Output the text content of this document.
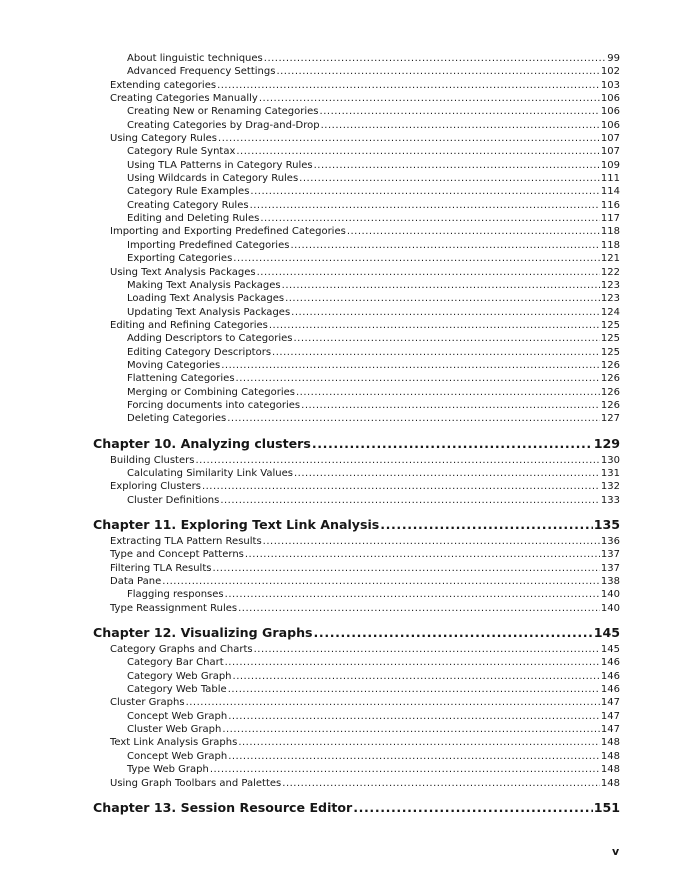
About linguistic techniques .....	99
Advanced Frequency Settings .....	102
Extending categories .....	103
Creating Categories Manually .....	106
Creating New or Renaming Categories .....	106
Creating Categories by Drag-and-Drop .....	106
Using Category Rules .....	107
Category Rule Syntax .....	107
Using TLA Patterns in Category Rules .....	109
Using Wildcards in Category Rules .....	111
Category Rule Examples .....	114
Creating Category Rules .....	116
Editing and Deleting Rules .....	117
Importing and Exporting Predefined Categories .....	118
Importing Predefined Categories .....	118
Exporting Categories .....	121
Using Text Analysis Packages .....	122
Making Text Analysis Packages .....	123
Loading Text Analysis Packages .....	123
Updating Text Analysis Packages .....	124
Editing and Refining Categories .....	125
Adding Descriptors to Categories .....	125
Editing Category Descriptors .....	125
Moving Categories .....	126
Flattening Categories .....	126
Merging or Combining Categories .....	126
Forcing documents into categories .....	126
Deleting Categories .....	127
Chapter 10. Analyzing clusters .....	129
Building Clusters .....	130
Calculating Similarity Link Values .....	131
Exploring Clusters .....	132
Cluster Definitions .....	133
Chapter 11. Exploring Text Link Analysis .....	135
Extracting TLA Pattern Results .....	136
Type and Concept Patterns .....	137
Filtering TLA Results .....	137
Data Pane .....	138
Flagging responses .....	140
Type Reassignment Rules .....	140
Chapter 12. Visualizing Graphs .....	145
Category Graphs and Charts .....	145
Category Bar Chart .....	146
Category Web Graph .....	146
Category Web Table .....	146
Cluster Graphs .....	147
Concept Web Graph .....	147
Cluster Web Graph .....	147
Text Link Analysis Graphs .....	148
Concept Web Graph .....	148
Type Web Graph .....	148
Using Graph Toolbars and Palettes .....	148
Chapter 13. Session Resource Editor .....	151
v
